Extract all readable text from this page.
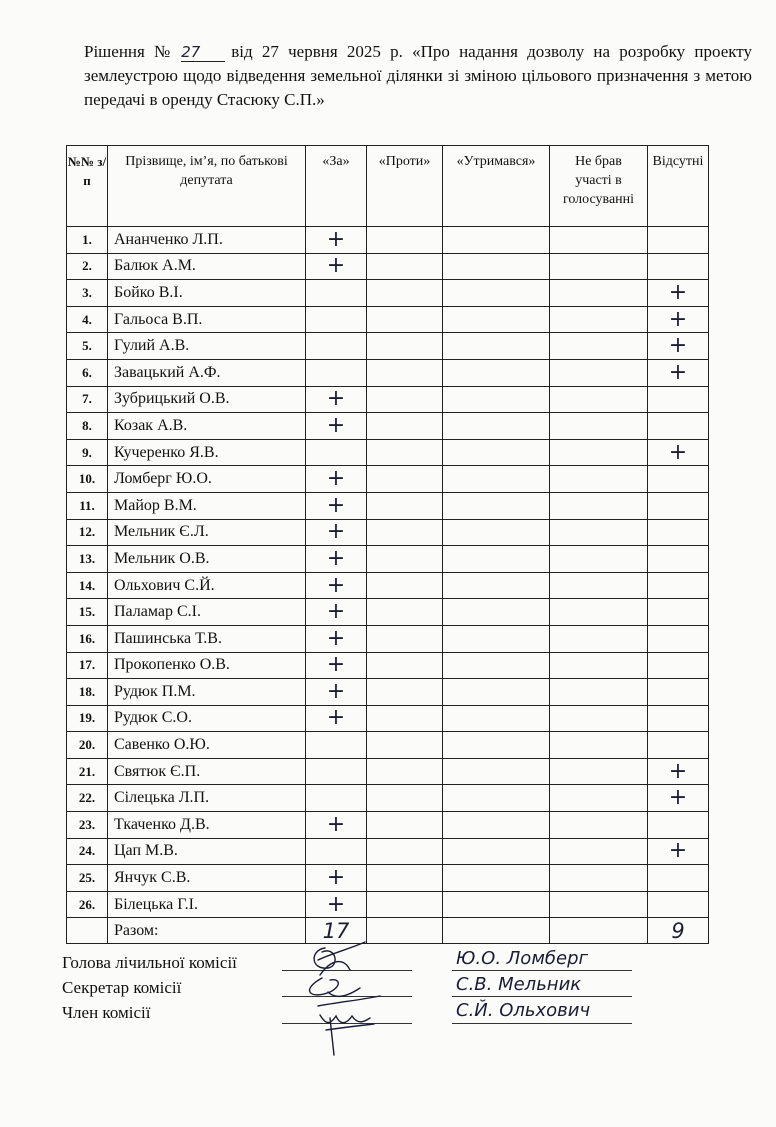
Рішення № 27 від 27 червня 2025 р. «Про надання дозволу на розробку проекту землеустрою щодо відведення земельної ділянки зі зміною цільового призначення з метою передачі в оренду Стасюку С.П.»
№№ з/п	Прізвище, ім’я, по батькові депутата	«За»	«Проти»	«Утримався»	Не брав участі в голосуванні	Відсутні
1.	Ананченко Л.П.	+				
2.	Балюк А.М.	+				
3.	Бойко В.І.					+
4.	Гальоса В.П.					+
5.	Гулий А.В.					+
6.	Завацький А.Ф.					+
7.	Зубрицький О.В.	+				
8.	Козак А.В.	+				
9.	Кучеренко Я.В.					+
10.	Ломберг Ю.О.	+				
11.	Майор В.М.	+				
12.	Мельник Є.Л.	+				
13.	Мельник О.В.	+				
14.	Ольхович С.Й.	+				
15.	Паламар С.І.	+				
16.	Пашинська Т.В.	+				
17.	Прокопенко О.В.	+				
18.	Рудюк П.М.	+				
19.	Рудюк С.О.	+				
20.	Савенко О.Ю.					
21.	Святюк Є.П.					+
22.	Сілецька Л.П.					+
23.	Ткаченко Д.В.	+				
24.	Цап М.В.					+
25.	Янчук С.В.	+				
26.	Білецька Г.І.	+				
	Разом:	17				9
Голова лічильної комісії
Секретар комісії
Член комісії
Ю.О. Ломберг
С.В. Мельник
С.Й. Ольхович
